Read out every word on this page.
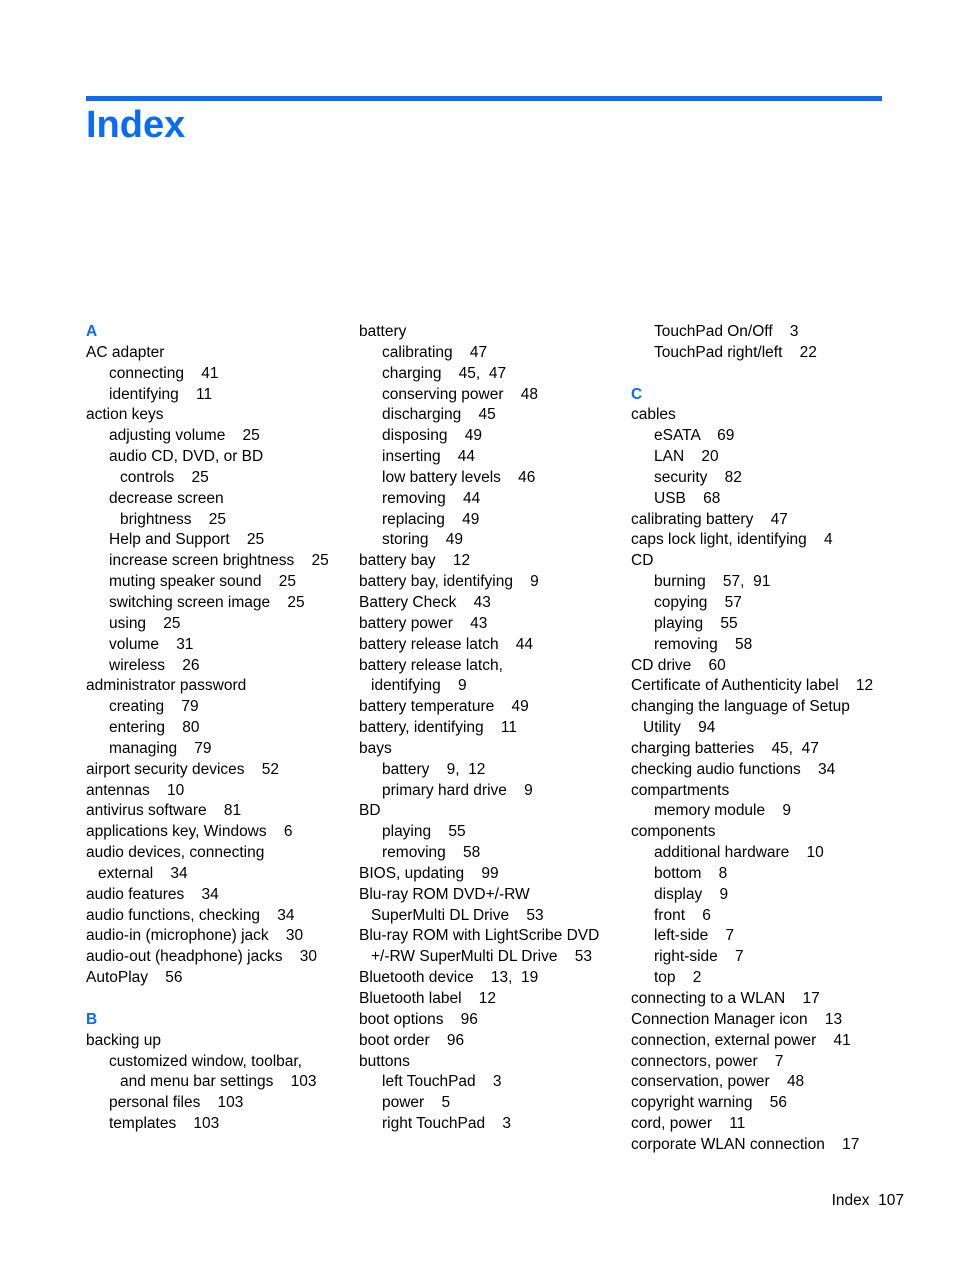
Index
A
AC adapter
connecting    41
identifying    11
action keys
adjusting volume    25
audio CD, DVD, or BD
controls    25
decrease screen
brightness    25
Help and Support    25
increase screen brightness    25
muting speaker sound    25
switching screen image    25
using    25
volume    31
wireless    26
administrator password
creating    79
entering    80
managing    79
airport security devices    52
antennas    10
antivirus software    81
applications key, Windows    6
audio devices, connecting
external    34
audio features    34
audio functions, checking    34
audio-in (microphone) jack    30
audio-out (headphone) jacks    30
AutoPlay    56
B
backing up
customized window, toolbar,
and menu bar settings    103
personal files    103
templates    103
battery
calibrating    47
charging    45,  47
conserving power    48
discharging    45
disposing    49
inserting    44
low battery levels    46
removing    44
replacing    49
storing    49
battery bay    12
battery bay, identifying    9
Battery Check    43
battery power    43
battery release latch    44
battery release latch,
identifying    9
battery temperature    49
battery, identifying    11
bays
battery    9,  12
primary hard drive    9
BD
playing    55
removing    58
BIOS, updating    99
Blu-ray ROM DVD+/-RW
SuperMulti DL Drive    53
Blu-ray ROM with LightScribe DVD
+/-RW SuperMulti DL Drive    53
Bluetooth device    13,  19
Bluetooth label    12
boot options    96
boot order    96
buttons
left TouchPad    3
power    5
right TouchPad    3
TouchPad On/Off    3
TouchPad right/left    22
C
cables
eSATA    69
LAN    20
security    82
USB    68
calibrating battery    47
caps lock light, identifying    4
CD
burning    57,  91
copying    57
playing    55
removing    58
CD drive    60
Certificate of Authenticity label    12
changing the language of Setup
Utility    94
charging batteries    45,  47
checking audio functions    34
compartments
memory module    9
components
additional hardware    10
bottom    8
display    9
front    6
left-side    7
right-side    7
top    2
connecting to a WLAN    17
Connection Manager icon    13
connection, external power    41
connectors, power    7
conservation, power    48
copyright warning    56
cord, power    11
corporate WLAN connection    17
Index 107
